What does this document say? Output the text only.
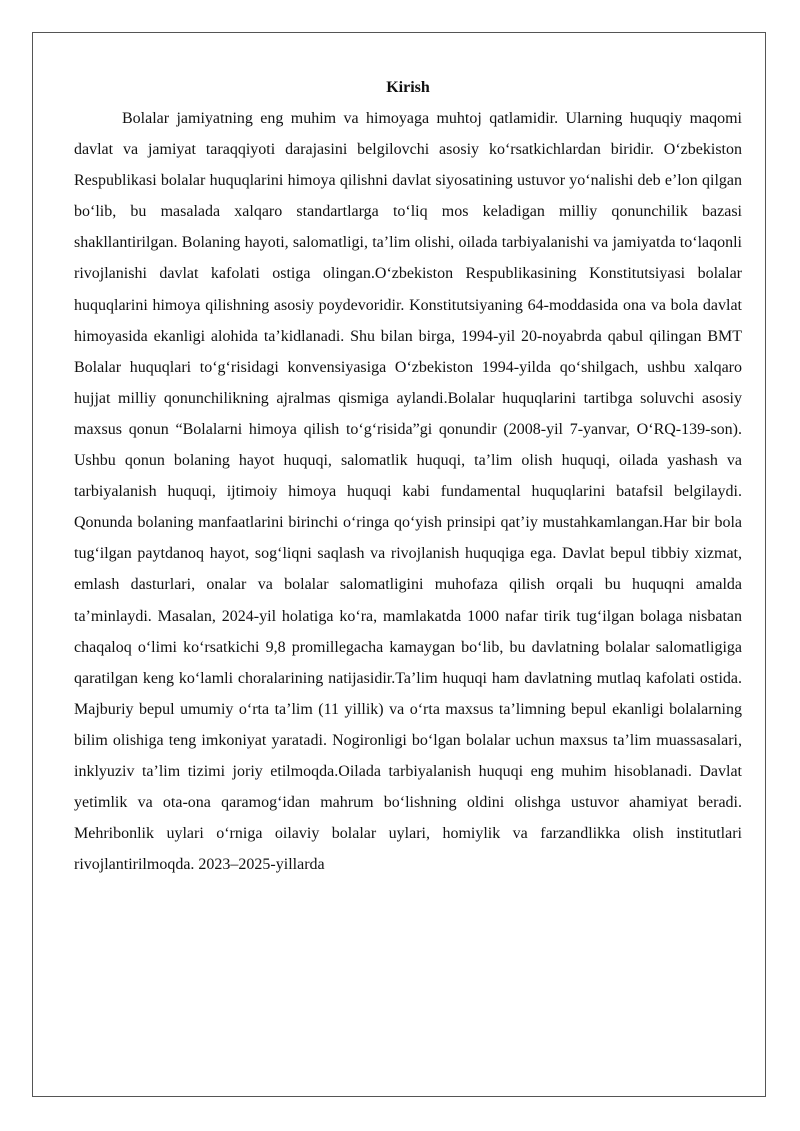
Kirish

Bolalar jamiyatning eng muhim va himoyaga muhtoj qatlamidir. Ularning huquqiy maqomi davlat va jamiyat taraqqiyoti darajasini belgilovchi asosiy ko‘rsatkichlardan biridir. O‘zbekiston Respublikasi bolalar huquqlarini himoya qilishni davlat siyosatining ustuvor yo‘nalishi deb e’lon qilgan bo‘lib, bu masalada xalqaro standartlarga to‘liq mos keladigan milliy qonunchilik bazasi shakllantirilgan. Bolaning hayoti, salomatligi, ta’lim olishi, oilada tarbiyalanishi va jamiyatda to‘laqonli rivojlanishi davlat kafolati ostiga olingan.O‘zbekiston Respublikasining Konstitutsiyasi bolalar huquqlarini himoya qilishning asosiy poydevoridir. Konstitutsiyaning 64-moddasida ona va bola davlat himoyasida ekanligi alohida ta’kidlanadi. Shu bilan birga, 1994-yil 20-noyabrda qabul qilingan BMT Bolalar huquqlari to‘g‘risidagi konvensiyasiga O‘zbekiston 1994-yilda qo‘shilgach, ushbu xalqaro hujjat milliy qonunchilikning ajralmas qismiga aylandi.Bolalar huquqlarini tartibga soluvchi asosiy maxsus qonun “Bolalarni himoya qilish to‘g‘risida”gi qonundir (2008-yil 7-yanvar, O‘RQ-139-son). Ushbu qonun bolaning hayot huquqi, salomatlik huquqi, ta’lim olish huquqi, oilada yashash va tarbiyalanish huquqi, ijtimoiy himoya huquqi kabi fundamental huquqlarini batafsil belgilaydi. Qonunda bolaning manfaatlarini birinchi o‘ringa qo‘yish prinsipi qat’iy mustahkamlangan.Har bir bola tug‘ilgan paytdanoq hayot, sog‘liqni saqlash va rivojlanish huquqiga ega. Davlat bepul tibbiy xizmat, emlash dasturlari, onalar va bolalar salomatligini muhofaza qilish orqali bu huquqni amalda ta’minlaydi. Masalan, 2024-yil holatiga ko‘ra, mamlakatda 1000 nafar tirik tug‘ilgan bolaga nisbatan chaqaloq o‘limi ko‘rsatkichi 9,8 promillegacha kamaygan bo‘lib, bu davlatning bolalar salomatligiga qaratilgan keng ko‘lamli choralarining natijasidir.Ta’lim huquqi ham davlatning mutlaq kafolati ostida. Majburiy bepul umumiy o‘rta ta’lim (11 yillik) va o‘rta maxsus ta’limning bepul ekanligi bolalarning bilim olishiga teng imkoniyat yaratadi. Nogironligi bo‘lgan bolalar uchun maxsus ta’lim muassasalari, inklyuziv ta’lim tizimi joriy etilmoqda.Oilada tarbiyalanish huquqi eng muhim hisoblanadi. Davlat yetimlik va ota-ona qaramog‘idan mahrum bo‘lishning oldini olishga ustuvor ahamiyat beradi. Mehribonlik uylari o‘rniga oilaviy bolalar uylari, homiylik va farzandlikka olish institutlari rivojlantirilmoqda. 2023–2025-yillarda
